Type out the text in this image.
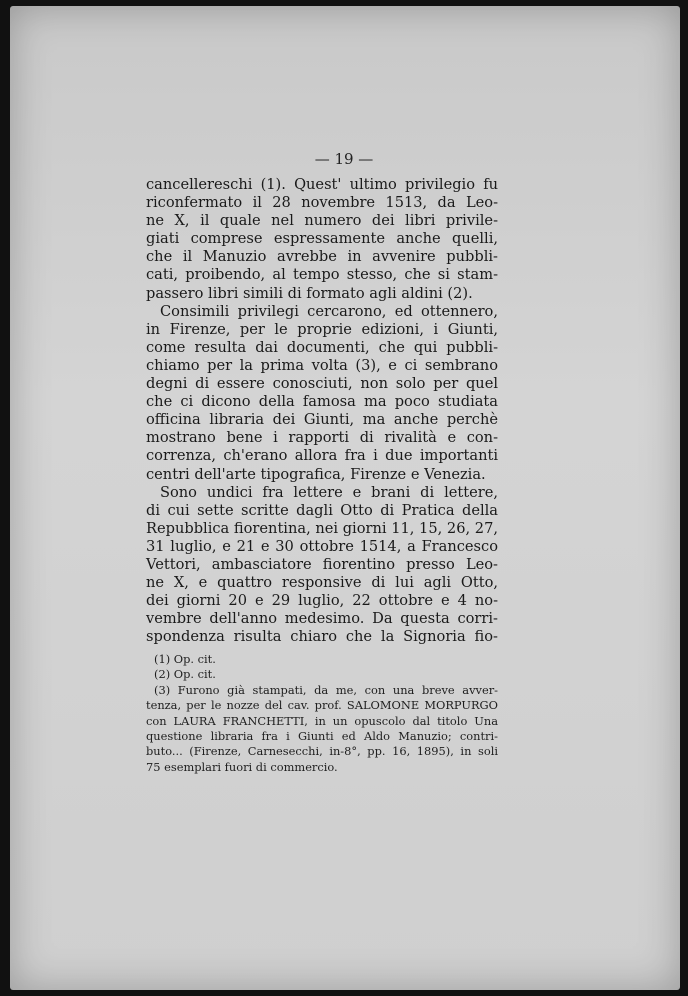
— 19 —
cancellereschi (1). Quest' ultimo privilegio fu
riconfermato il 28 novembre 1513, da Leo-
ne X, il quale nel numero dei libri privile-
giati comprese espressamente anche quelli,
che il Manuzio avrebbe in avvenire pubbli-
cati, proibendo, al tempo stesso, che si stam-
passero libri simili di formato agli aldini (2).
Consimili privilegi cercarono, ed ottennero,
in Firenze, per le proprie edizioni, i Giunti,
come resulta dai documenti, che qui pubbli-
chiamo per la prima volta (3), e ci sembrano
degni di essere conosciuti, non solo per quel
che ci dicono della famosa ma poco studiata
officina libraria dei Giunti, ma anche perchè
mostrano bene i rapporti di rivalità e con-
correnza, ch'erano allora fra i due importanti
centri dell'arte tipografica, Firenze e Venezia.
Sono undici fra lettere e brani di lettere,
di cui sette scritte dagli Otto di Pratica della
Repubblica fiorentina, nei giorni 11, 15, 26, 27,
31 luglio, e 21 e 30 ottobre 1514, a Francesco
Vettori, ambasciatore fiorentino presso Leo-
ne X, e quattro responsive di lui agli Otto,
dei giorni 20 e 29 luglio, 22 ottobre e 4 no-
vembre dell'anno medesimo. Da questa corri-
spondenza risulta chiaro che la Signoria fio-
(1) Op. cit.
(2) Op. cit.
(3) Furono già stampati, da me, con una breve avver-
tenza, per le nozze del cav. prof. SALOMONE MORPURGO
con LAURA FRANCHETTI, in un opuscolo dal titolo Una
questione libraria fra i Giunti ed Aldo Manuzio; contri-
buto... (Firenze, Carnesecchi, in-8°, pp. 16, 1895), in soli
75 esemplari fuori di commercio.
